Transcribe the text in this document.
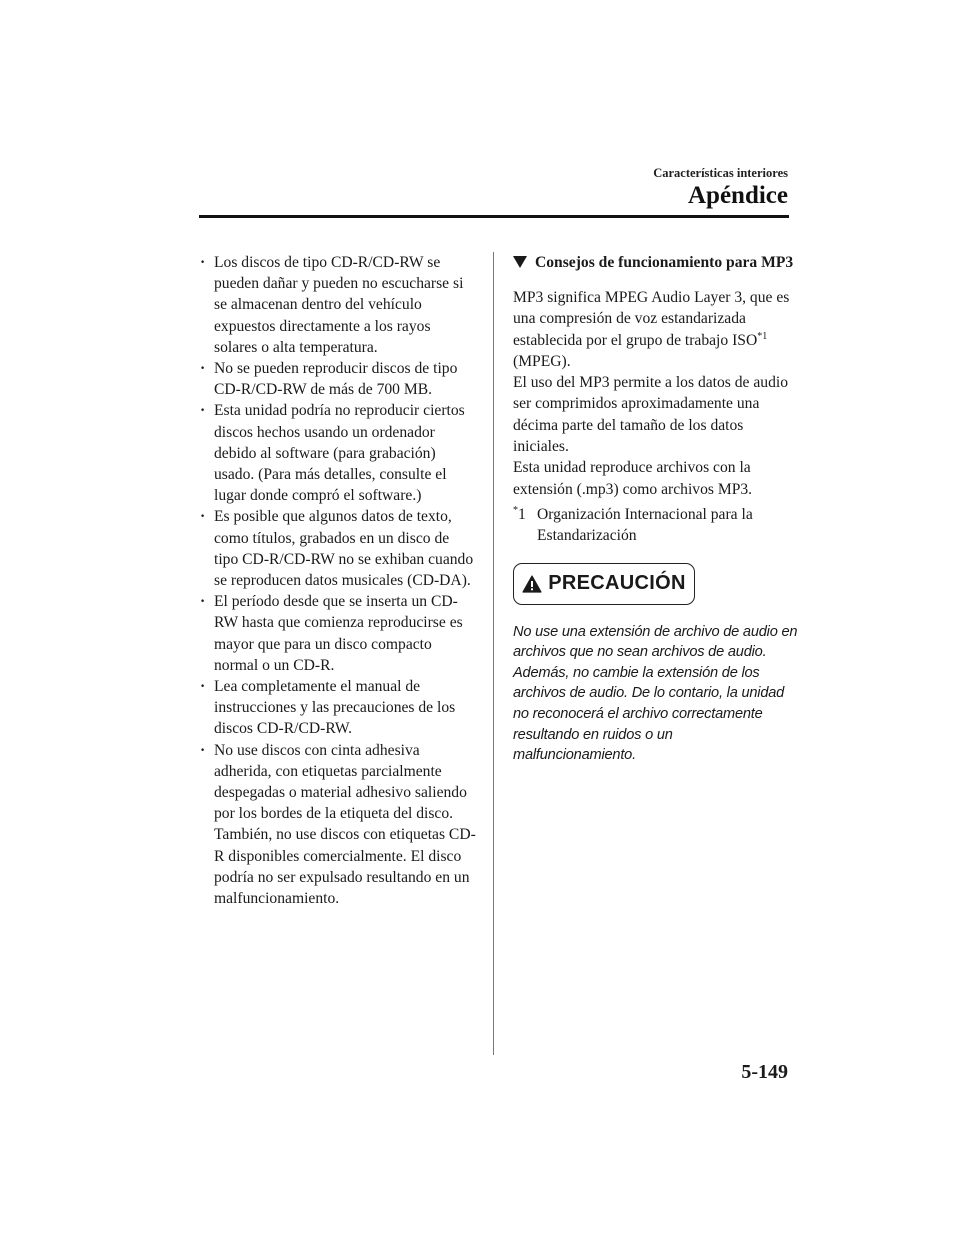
Características interiores
Apéndice
· Los discos de tipo CD-R/CD-RW se pueden dañar y pueden no escucharse si se almacenan dentro del vehículo expuestos directamente a los rayos solares o alta temperatura.
· No se pueden reproducir discos de tipo CD-R/CD-RW de más de 700 MB.
· Esta unidad podría no reproducir ciertos discos hechos usando un ordenador debido al software (para grabación) usado. (Para más detalles, consulte el lugar donde compró el software.)
· Es posible que algunos datos de texto, como títulos, grabados en un disco de tipo CD-R/CD-RW no se exhiban cuando se reproducen datos musicales (CD-DA).
· El período desde que se inserta un CD-RW hasta que comienza reproducirse es mayor que para un disco compacto normal o un CD-R.
· Lea completamente el manual de instrucciones y las precauciones de los discos CD-R/CD-RW.
· No use discos con cinta adhesiva adherida, con etiquetas parcialmente despegadas o material adhesivo saliendo por los bordes de la etiqueta del disco. También, no use discos con etiquetas CD-R disponibles comercialmente. El disco podría no ser expulsado resultando en un malfuncionamiento.
Consejos de funcionamiento para MP3

MP3 significa MPEG Audio Layer 3, que es una compresión de voz estandarizada establecida por el grupo de trabajo ISO$^{*1}$
(MPEG).

El uso del MP3 permite a los datos de audio ser comprimidos aproximadamente una décima parte del tamaño de los datos iniciales.

Esta unidad reproduce archivos con la extensión (.mp3) como archivos MP3.

*1 Organización Internacional para la Estandarización
PRECAUCIÓN
No use una extensión de archivo de audio en archivos que no sean archivos de audio. Además, no cambie la extensión de los archivos de audio. De lo contario, la unidad no reconocerá el archivo correctamente resultando en ruidos o un malfuncionamiento.
5-149
